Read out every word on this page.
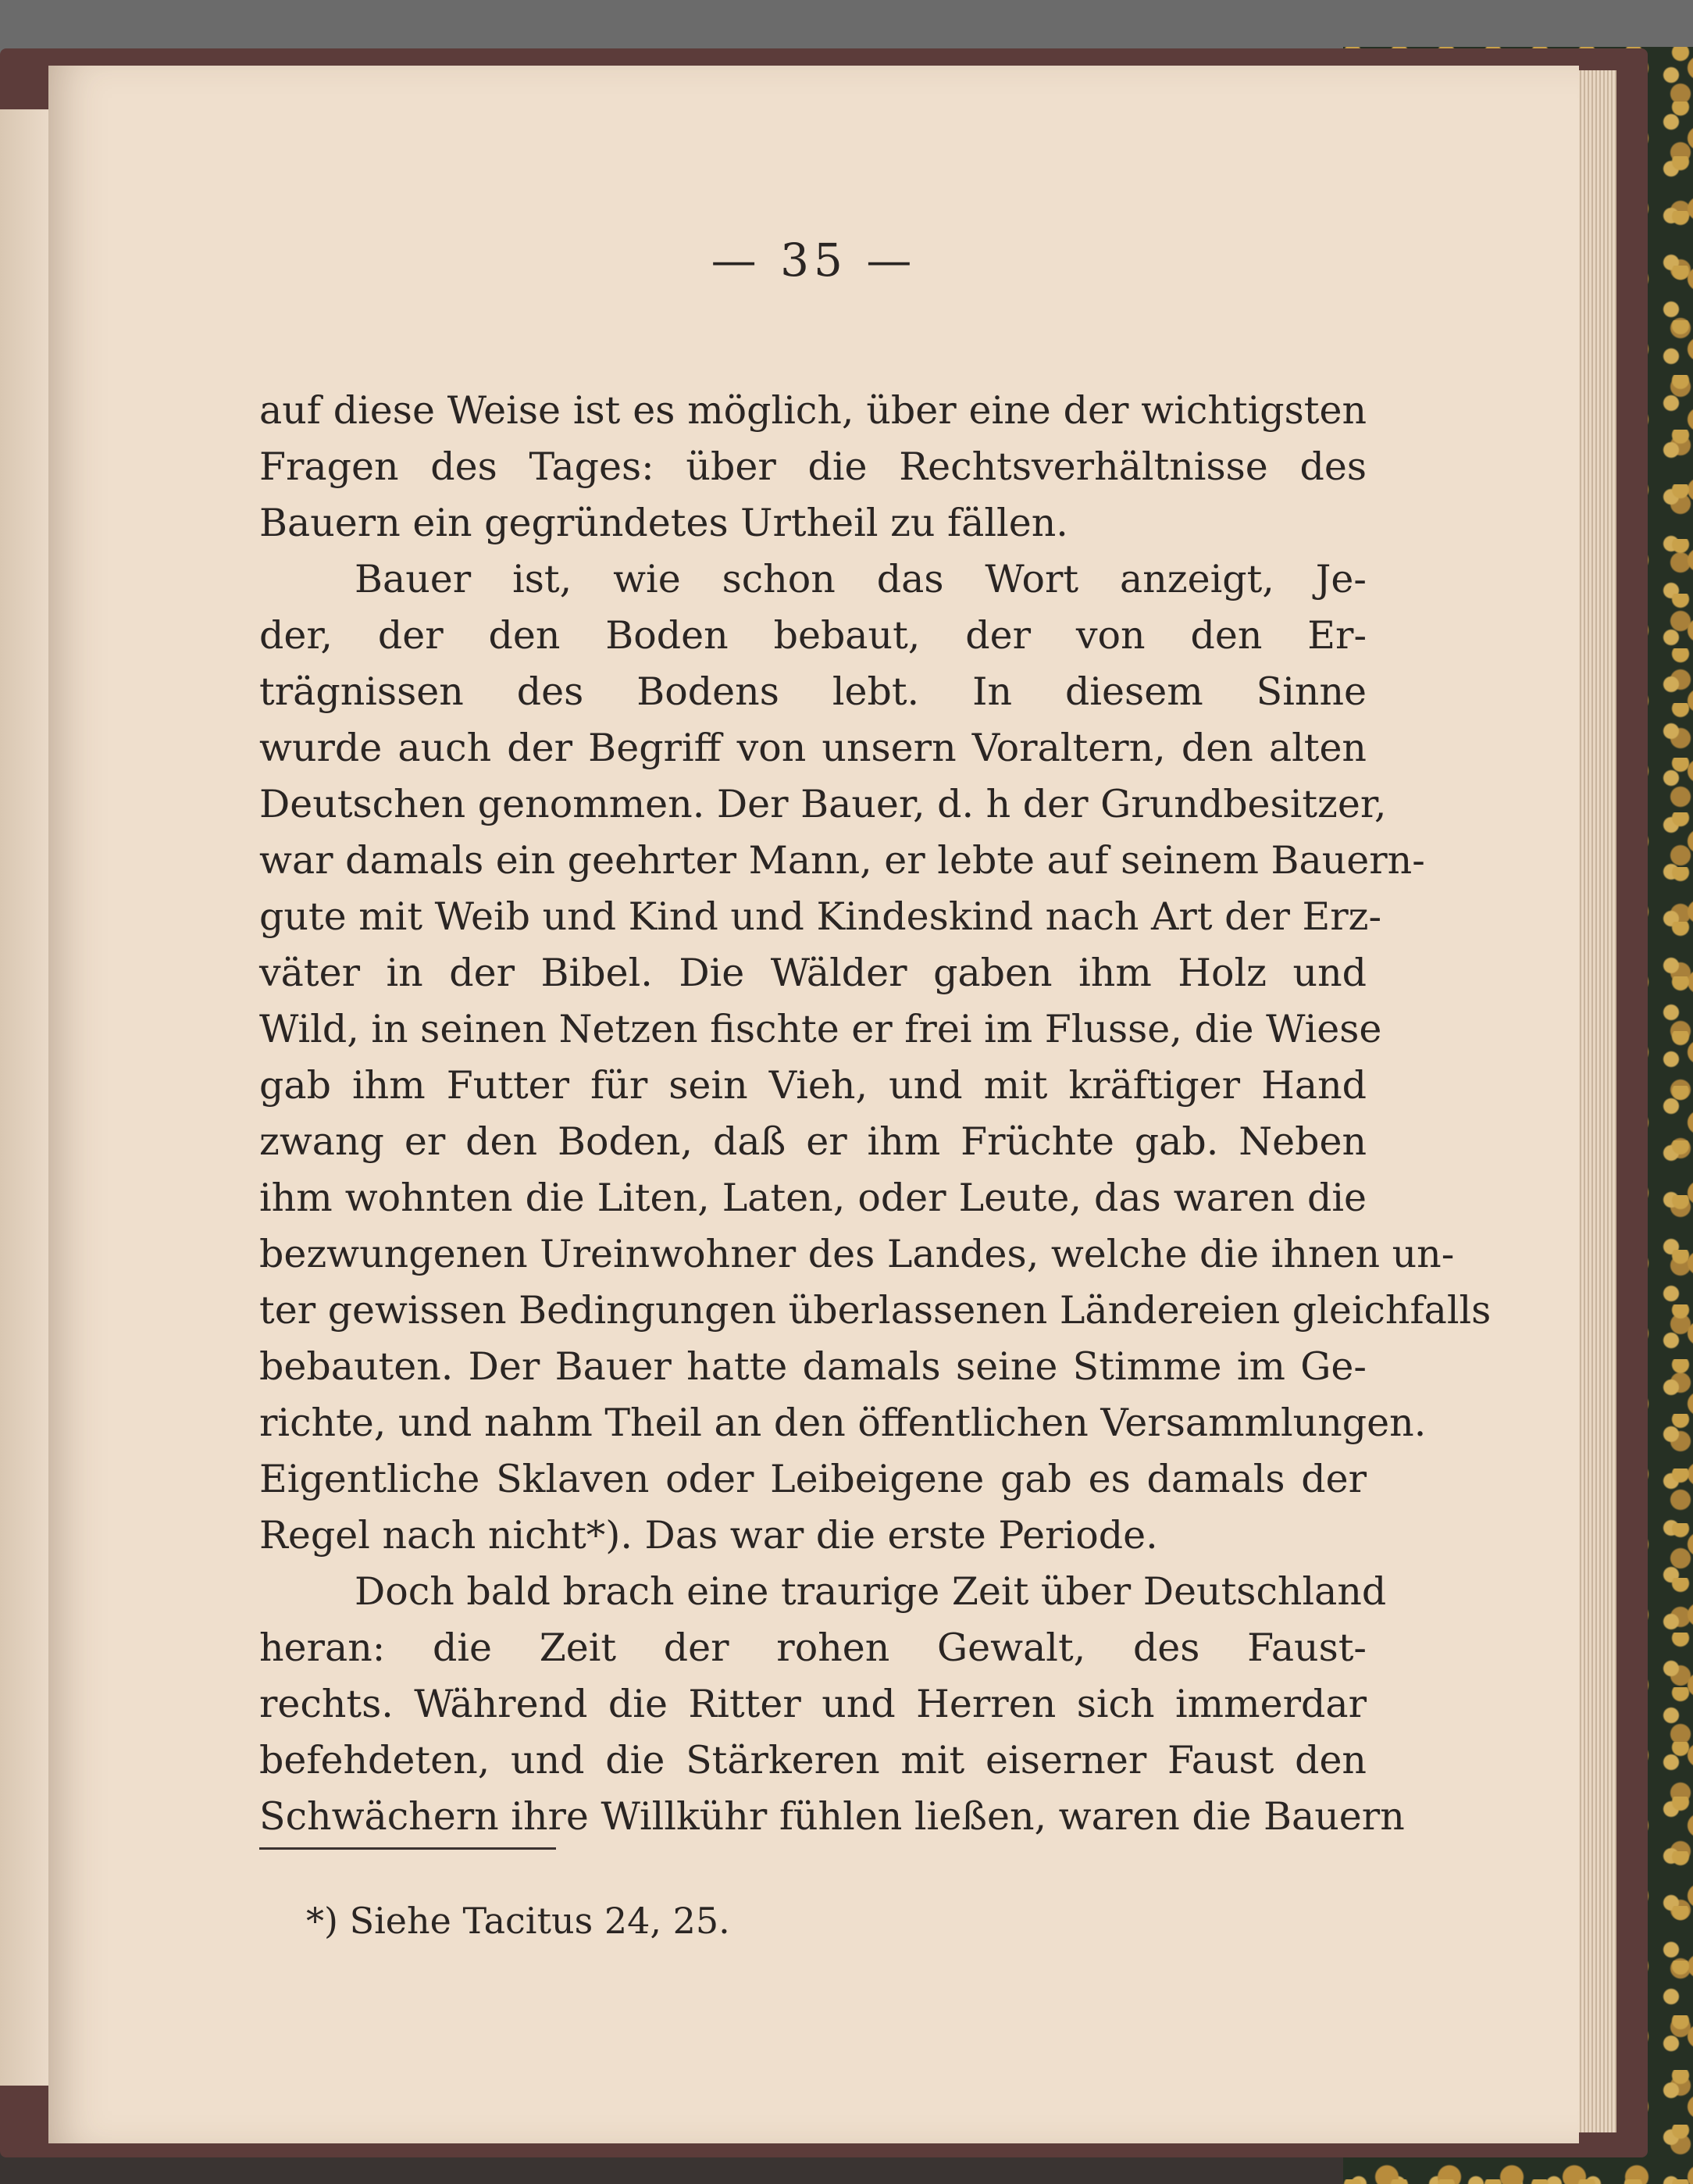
— 35 —
auf diese Weise ist es möglich, über eine der wichtigsten
Fragen des Tages: über die Rechtsverhältnisse des
Bauern ein gegründetes Urtheil zu fällen.
Bauer ist, wie schon das Wort anzeigt, Je-
der, der den Boden bebaut, der von den Er-
trägnissen des Bodens lebt. In diesem Sinne
wurde auch der Begriff von unsern Voraltern, den alten
Deutschen genommen. Der Bauer, d. h der Grundbesitzer,
war damals ein geehrter Mann, er lebte auf seinem Bauern-
gute mit Weib und Kind und Kindeskind nach Art der Erz-
väter in der Bibel. Die Wälder gaben ihm Holz und
Wild, in seinen Netzen fischte er frei im Flusse, die Wiese
gab ihm Futter für sein Vieh, und mit kräftiger Hand
zwang er den Boden, daß er ihm Früchte gab. Neben
ihm wohnten die Liten, Laten, oder Leute, das waren die
bezwungenen Ureinwohner des Landes, welche die ihnen un-
ter gewissen Bedingungen überlassenen Ländereien gleichfalls
bebauten. Der Bauer hatte damals seine Stimme im Ge-
richte, und nahm Theil an den öffentlichen Versammlungen.
Eigentliche Sklaven oder Leibeigene gab es damals der
Regel nach nicht*). Das war die erste Periode.
Doch bald brach eine traurige Zeit über Deutschland
heran: die Zeit der rohen Gewalt, des Faust-
rechts. Während die Ritter und Herren sich immerdar
befehdeten, und die Stärkeren mit eiserner Faust den
Schwächern ihre Willkühr fühlen ließen, waren die Bauern
*) Siehe Tacitus 24, 25.
